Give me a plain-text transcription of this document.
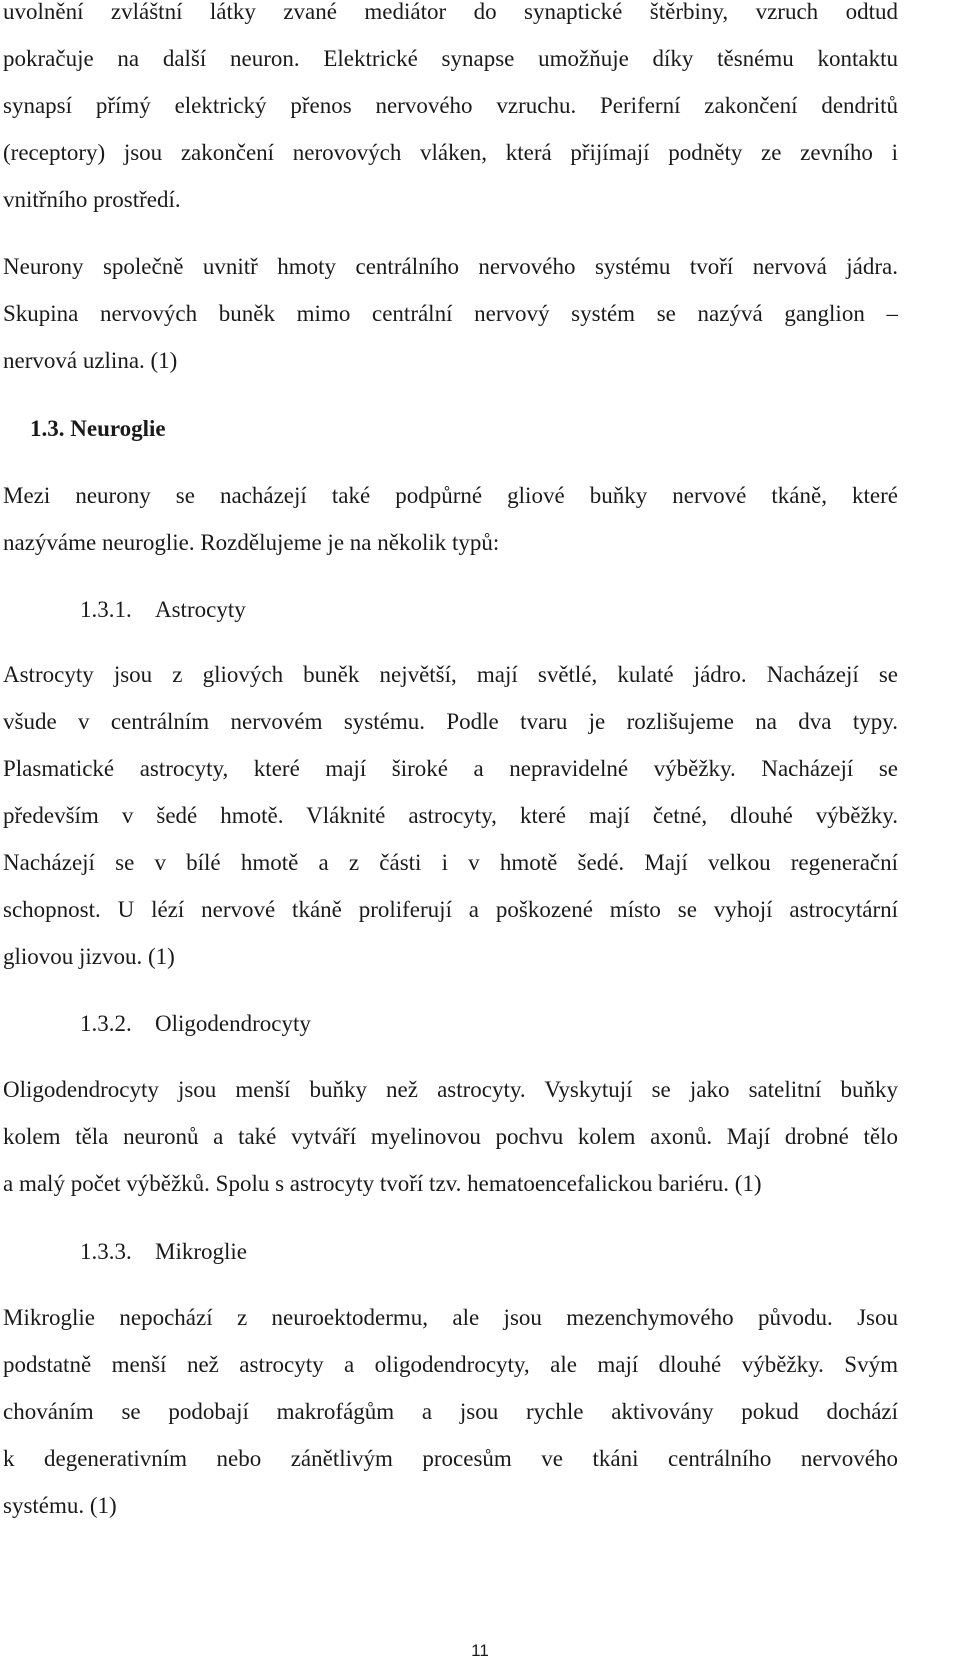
uvolnění zvláštní látky zvané mediátor do synaptické štěrbiny, vzruch odtud
pokračuje na další neuron. Elektrické synapse umožňuje díky těsnému kontaktu
synapsí přímý elektrický přenos nervového vzruchu. Periferní zakončení dendritů
(receptory) jsou zakončení nerovových vláken, která přijímají podněty ze zevního i
vnitřního prostředí.
Neurony společně uvnitř hmoty centrálního nervového systému tvoří nervová jádra.
Skupina nervových buněk mimo centrální nervový systém se nazývá ganglion –
nervová uzlina. (1)
1.3. Neuroglie
Mezi neurony se nacházejí také podpůrné gliové buňky nervové tkáně, které
nazýváme neuroglie. Rozdělujeme je na několik typů:
1.3.1. Astrocyty
Astrocyty jsou z gliových buněk největší, mají světlé, kulaté jádro. Nacházejí se
všude v centrálním nervovém systému. Podle tvaru je rozlišujeme na dva typy.
Plasmatické astrocyty, které mají široké a nepravidelné výběžky. Nacházejí se
především v šedé hmotě. Vláknité astrocyty, které mají četné, dlouhé výběžky.
Nacházejí se v bílé hmotě a z části i v hmotě šedé. Mají velkou regenerační
schopnost. U lézí nervové tkáně proliferují a poškozené místo se vyhojí astrocytární
gliovou jizvou. (1)
1.3.2. Oligodendrocyty
Oligodendrocyty jsou menší buňky než astrocyty. Vyskytují se jako satelitní buňky
kolem těla neuronů a také vytváří myelinovou pochvu kolem axonů. Mají drobné tělo
a malý počet výběžků. Spolu s astrocyty tvoří tzv. hematoencefalickou bariéru. (1)
1.3.3. Mikroglie
Mikroglie nepochází z neuroektodermu, ale jsou mezenchymového původu. Jsou
podstatně menší než astrocyty a oligodendrocyty, ale mají dlouhé výběžky. Svým
chováním se podobají makrofágům a jsou rychle aktivovány pokud dochází
k degenerativním nebo zánětlivým procesům ve tkáni centrálního nervového
systému. (1)
11
